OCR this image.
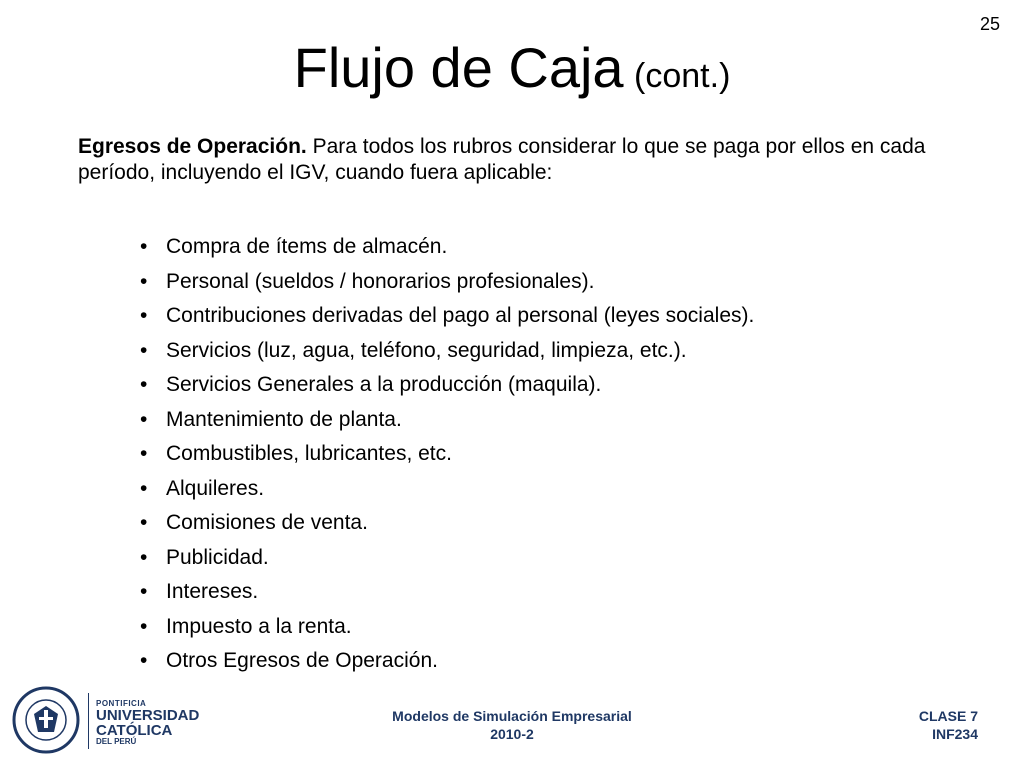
25
Flujo de Caja (cont.)
Egresos de Operación. Para todos los rubros considerar lo que se paga por ellos en cada período, incluyendo el IGV, cuando fuera aplicable:
• Compra de ítems de almacén.
• Personal (sueldos / honorarios profesionales).
• Contribuciones derivadas del pago al personal (leyes sociales).
• Servicios (luz, agua, teléfono, seguridad, limpieza, etc.).
• Servicios Generales a la producción (maquila).
• Mantenimiento de planta.
• Combustibles, lubricantes, etc.
• Alquileres.
• Comisiones de venta.
• Publicidad.
• Intereses.
• Impuesto a la renta.
• Otros Egresos de Operación.
PONTIFICIA
UNIVERSIDAD
CATÓLICA
DEL PERÚ
Modelos de Simulación Empresarial
2010-2
CLASE 7
INF234
